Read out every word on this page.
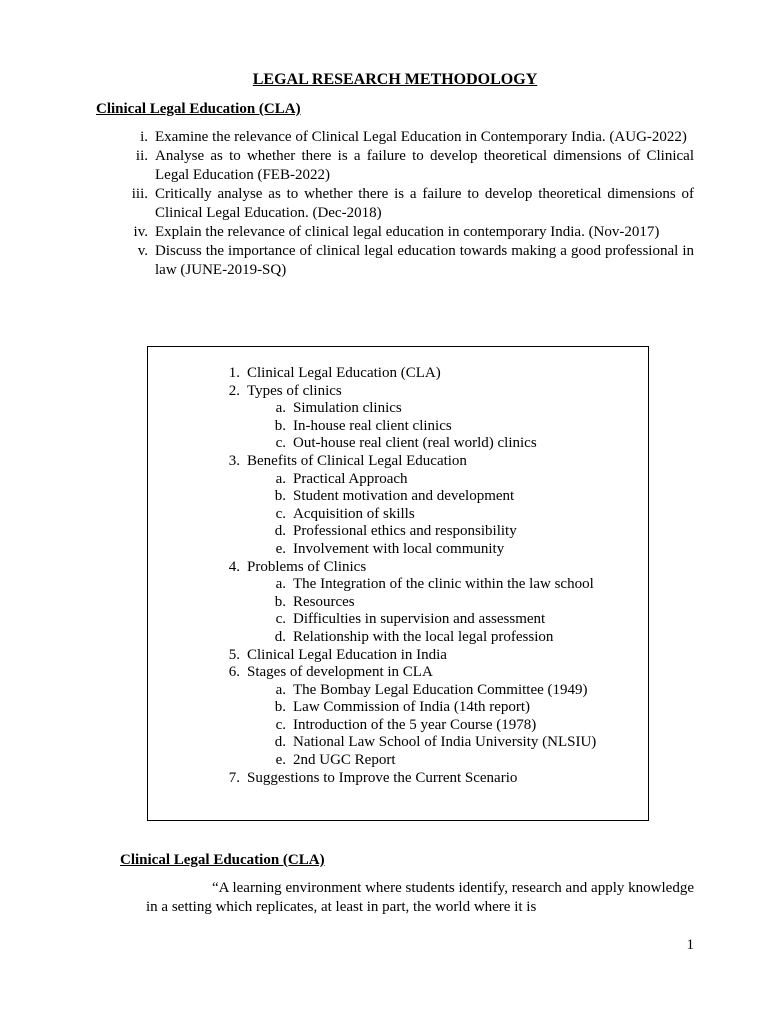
LEGAL RESEARCH METHODOLOGY
Clinical Legal Education (CLA)
i. Examine the relevance of Clinical Legal Education in Contemporary India. (AUG-2022)
ii. Analyse as to whether there is a failure to develop theoretical dimensions of Clinical Legal Education (FEB-2022)
iii. Critically analyse as to whether there is a failure to develop theoretical dimensions of Clinical Legal Education. (Dec-2018)
iv. Explain the relevance of clinical legal education in contemporary India. (Nov-2017)
v. Discuss the importance of clinical legal education towards making a good professional in law (JUNE-2019-SQ)
1. Clinical Legal Education (CLA)
2. Types of clinics
a. Simulation clinics
b. In-house real client clinics
c. Out-house real client (real world) clinics
3. Benefits of Clinical Legal Education
a. Practical Approach
b. Student motivation and development
c. Acquisition of skills
d. Professional ethics and responsibility
e. Involvement with local community
4. Problems of Clinics
a. The Integration of the clinic within the law school
b. Resources
c. Difficulties in supervision and assessment
d. Relationship with the local legal profession
5. Clinical Legal Education in India
6. Stages of development in CLA
a. The Bombay Legal Education Committee (1949)
b. Law Commission of India (14th report)
c. Introduction of the 5 year Course (1978)
d. National Law School of India University (NLSIU)
e. 2nd UGC Report
7. Suggestions to Improve the Current Scenario
Clinical Legal Education (CLA)

“A learning environment where students identify, research and apply knowledge in a setting which replicates, at least in part, the world where it is

1
